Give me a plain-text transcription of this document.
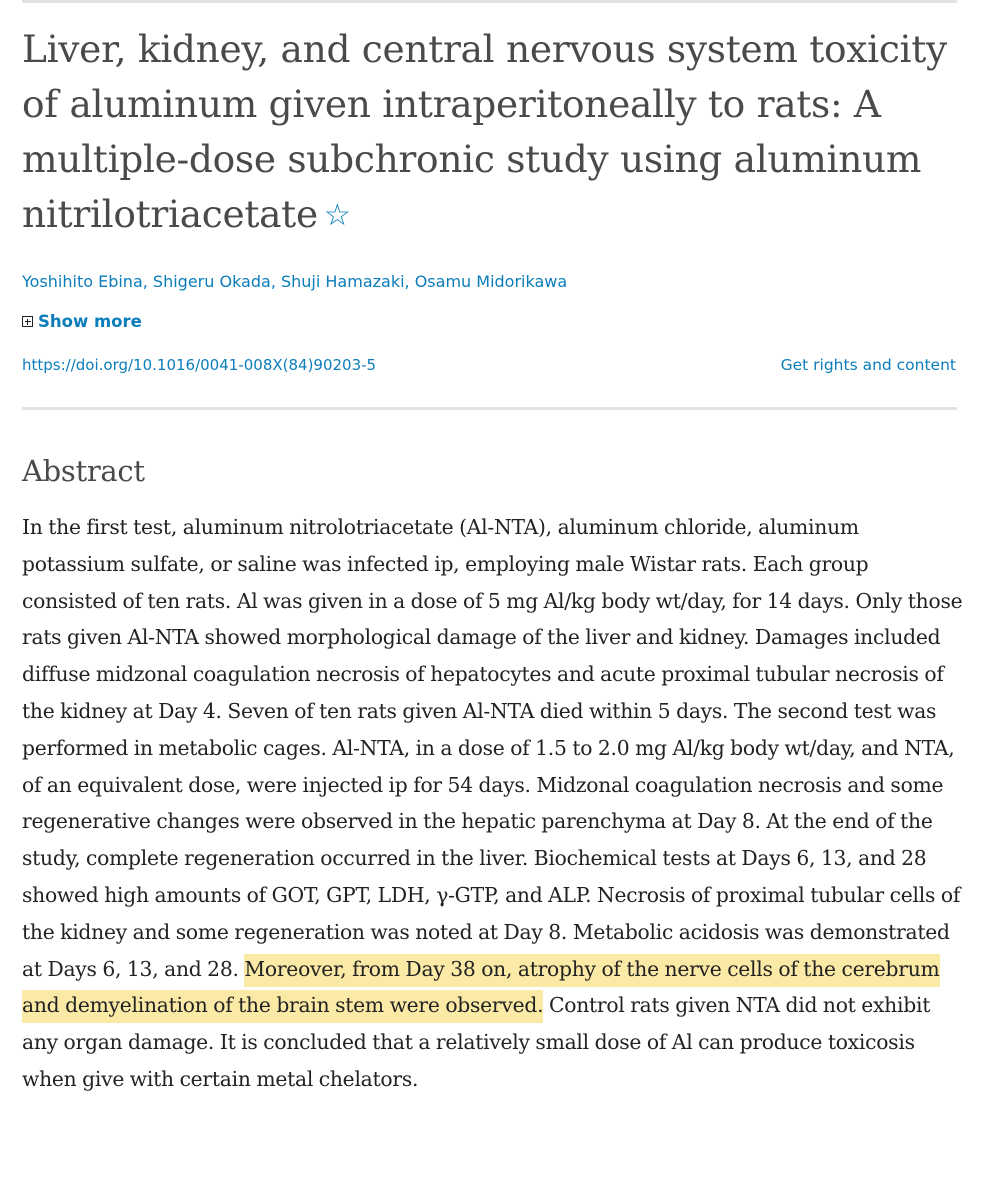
Liver, kidney, and central nervous system toxicity of aluminum given intraperitoneally to rats: A multiple-dose subchronic study using aluminum nitrilotriacetate ☆
Yoshihito Ebina, Shigeru Okada, Shuji Hamazaki, Osamu Midorikawa
Show more
https://doi.org/10.1016/0041-008X(84)90203-5	Get rights and content
Abstract

In the first test, aluminum nitrolotriacetate (Al-NTA), aluminum chloride, aluminum potassium sulfate, or saline was infected ip, employing male Wistar rats. Each group consisted of ten rats. Al was given in a dose of 5 mg Al/kg body wt/day, for 14 days. Only those rats given Al-NTA showed morphological damage of the liver and kidney. Damages included diffuse midzonal coagulation necrosis of hepatocytes and acute proximal tubular necrosis of the kidney at Day 4. Seven of ten rats given Al-NTA died within 5 days. The second test was performed in metabolic cages. Al-NTA, in a dose of 1.5 to 2.0 mg Al/kg body wt/day, and NTA, of an equivalent dose, were injected ip for 54 days. Midzonal coagulation necrosis and some regenerative changes were observed in the hepatic parenchyma at Day 8. At the end of the study, complete regeneration occurred in the liver. Biochemical tests at Days 6, 13, and 28 showed high amounts of GOT, GPT, LDH, γ-GTP, and ALP. Necrosis of proximal tubular cells of the kidney and some regeneration was noted at Day 8. Metabolic acidosis was demonstrated at Days 6, 13, and 28. Moreover, from Day 38 on, atrophy of the nerve cells of the cerebrum and demyelination of the brain stem were observed. Control rats given NTA did not exhibit any organ damage. It is concluded that a relatively small dose of Al can produce toxicosis when give with certain metal chelators.
